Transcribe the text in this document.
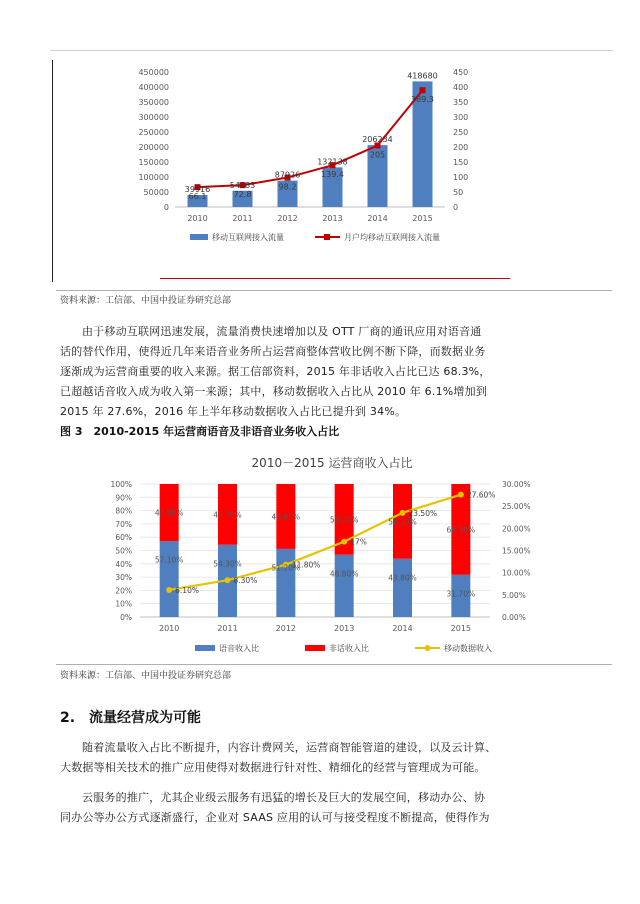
0
50000
100000
150000
200000
250000
300000
350000
400000
450000
0
50
100
150
200
250
300
350
400
450
2010	2011	2012	2013	2014	2015
39916
66.1
54083
72.8
87926
98.2
132138
139.4
206234
205
418680
389.3
移动互联网接入流量	月户均移动互联网接入流量
资料来源：工信部、中国中投证券研究总部
由于移动互联网迅速发展，流量消费快速增加以及 OTT 厂商的通讯应用对语音通
话的替代作用，使得近几年来语音业务所占运营商整体营收比例不断下降，而数据业务
逐渐成为运营商重要的收入来源。据工信部资料，2015 年非话收入占比已达 68.3%，
已超越话音收入成为收入第一来源；其中，移动数据收入占比从 2010 年 6.1%增加到
2015 年 27.6%，2016 年上半年移动数据收入占比已提升到 34%。
图 3　2010-2015 年运营商语音及非语音业务收入占比
2010－2015 运营商收入占比
0%
10%
20%
30%
40%
50%
60%
70%
80%
90%
100%
0.00%
5.00%
10.00%
15.00%
20.00%
25.00%
30.00%
2010	2011	2012	2013	2014	2015
42.90%
57.10%
6.10%
45.70%
54.30%
8.30%
48.80%
51.20%
11.80%
53.20%
46.80%
17%
56.20%
43.80%
23.50%
68.30%
31.70%
27.60%
语音收入比	非话收入比	移动数据收入
资料来源：工信部、中国中投证券研究总部
2.　流量经营成为可能
随着流量收入占比不断提升，内容计费网关，运营商智能管道的建设，以及云计算、
大数据等相关技术的推广应用使得对数据进行针对性、精细化的经营与管理成为可能。
云服务的推广，尤其企业级云服务有迅猛的增长及巨大的发展空间，移动办公、协
同办公等办公方式逐渐盛行，企业对 SAAS 应用的认可与接受程度不断提高，使得作为
